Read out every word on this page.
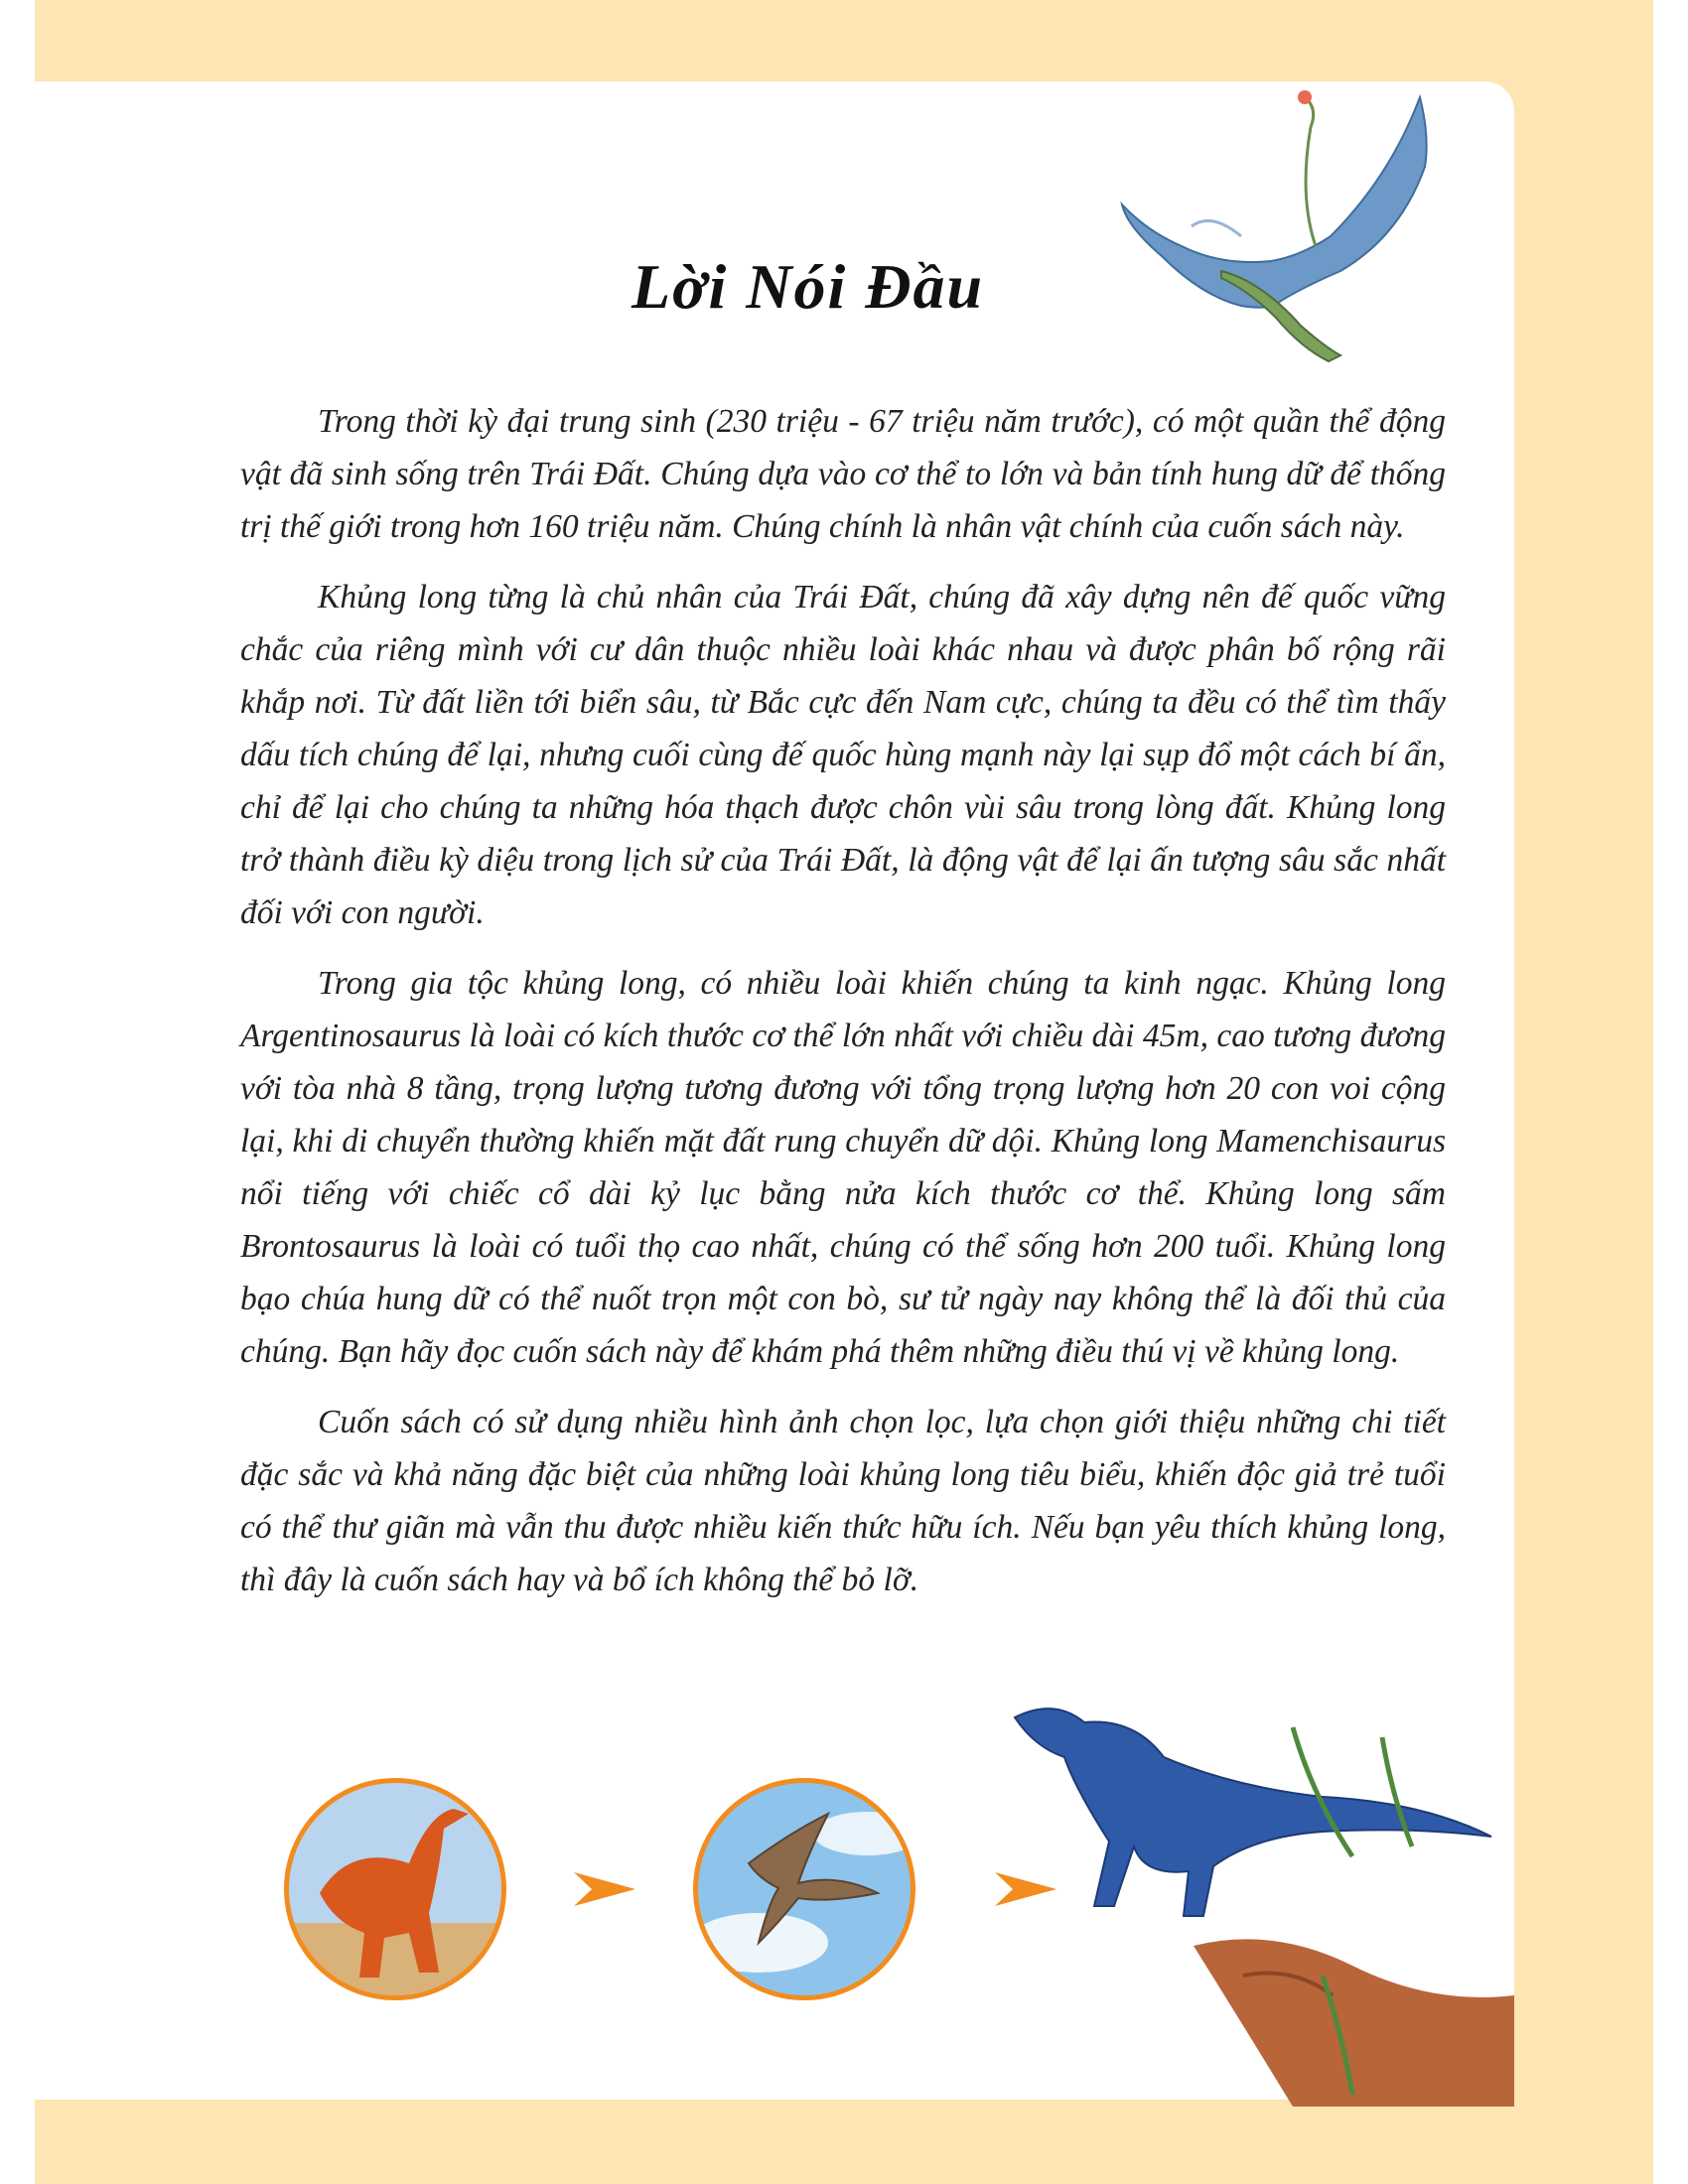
Lời Nói Đầu

Trong thời kỳ đại trung sinh (230 triệu - 67 triệu năm trước), có một quần thể động vật đã sinh sống trên Trái Đất. Chúng dựa vào cơ thể to lớn và bản tính hung dữ để thống trị thế giới trong hơn 160 triệu năm. Chúng chính là nhân vật chính của cuốn sách này.

Khủng long từng là chủ nhân của Trái Đất, chúng đã xây dựng nên đế quốc vững chắc của riêng mình với cư dân thuộc nhiều loài khác nhau và được phân bố rộng rãi khắp nơi. Từ đất liền tới biển sâu, từ Bắc cực đến Nam cực, chúng ta đều có thể tìm thấy dấu tích chúng để lại, nhưng cuối cùng đế quốc hùng mạnh này lại sụp đổ một cách bí ẩn, chỉ để lại cho chúng ta những hóa thạch được chôn vùi sâu trong lòng đất. Khủng long trở thành điều kỳ diệu trong lịch sử của Trái Đất, là động vật để lại ấn tượng sâu sắc nhất đối với con người.

Trong gia tộc khủng long, có nhiều loài khiến chúng ta kinh ngạc. Khủng long Argentinosaurus là loài có kích thước cơ thể lớn nhất với chiều dài 45m, cao tương đương với tòa nhà 8 tầng, trọng lượng tương đương với tổng trọng lượng hơn 20 con voi cộng lại, khi di chuyển thường khiến mặt đất rung chuyển dữ dội. Khủng long Mamenchisaurus nổi tiếng với chiếc cổ dài kỷ lục bằng nửa kích thước cơ thể. Khủng long sấm Brontosaurus là loài có tuổi thọ cao nhất, chúng có thể sống hơn 200 tuổi. Khủng long bạo chúa hung dữ có thể nuốt trọn một con bò, sư tử ngày nay không thể là đối thủ của chúng. Bạn hãy đọc cuốn sách này để khám phá thêm những điều thú vị về khủng long.

Cuốn sách có sử dụng nhiều hình ảnh chọn lọc, lựa chọn giới thiệu những chi tiết đặc sắc và khả năng đặc biệt của những loài khủng long tiêu biểu, khiến độc giả trẻ tuổi có thể thư giãn mà vẫn thu được nhiều kiến thức hữu ích. Nếu bạn yêu thích khủng long, thì đây là cuốn sách hay và bổ ích không thể bỏ lỡ.
